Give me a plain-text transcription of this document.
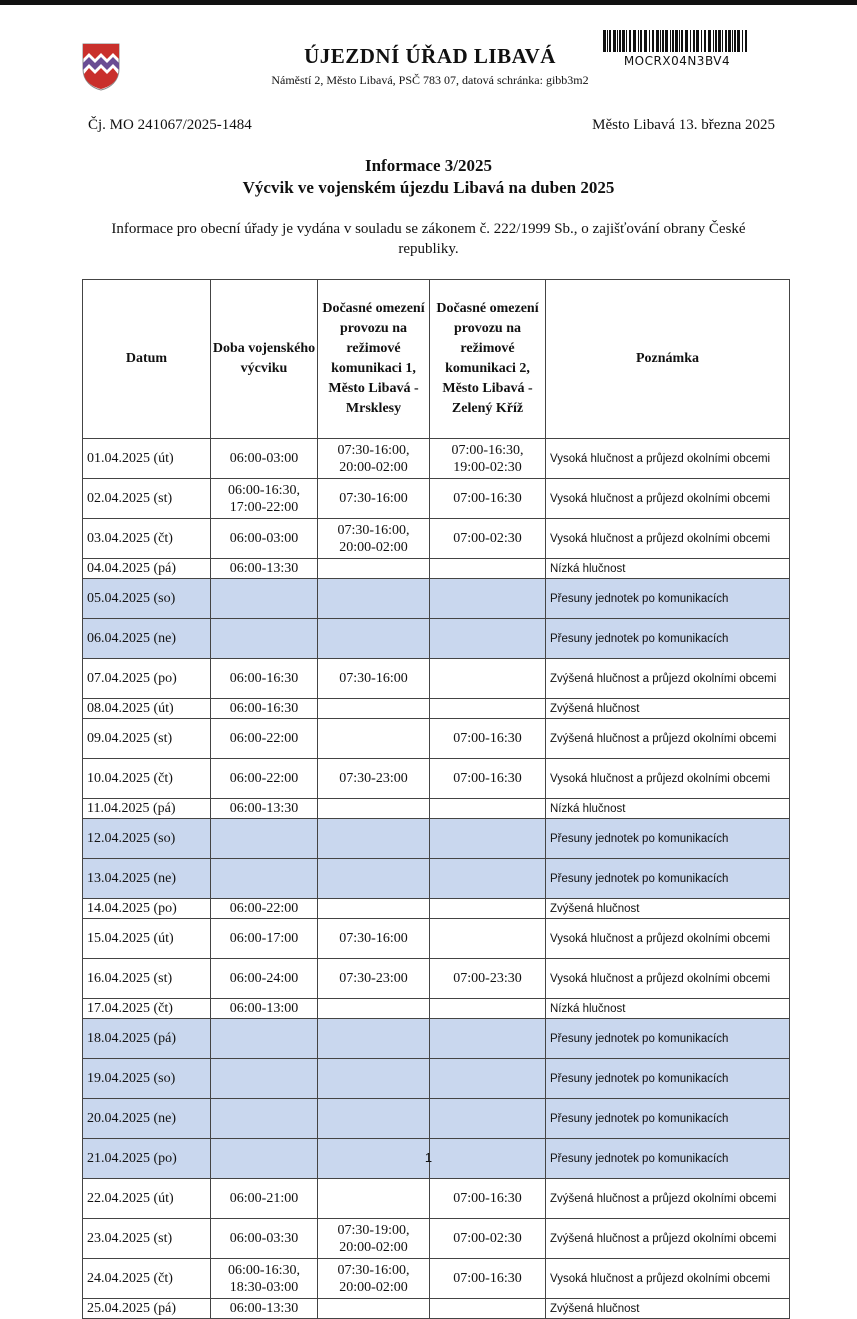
ÚJEZDNÍ ÚŘAD LIBAVÁ
Náměstí 2, Město Libavá, PSČ 783 07, datová schránka: gibb3m2
MOCRX04N3BV4
Čj. MO 241067/2025-1484	Město Libavá 13. března 2025
Informace 3/2025
Výcvik ve vojenském újezdu Libavá na duben 2025
Informace pro obecní úřady je vydána v souladu se zákonem č. 222/1999 Sb., o zajišťování obrany České republiky.
Datum	Doba vojenského výcviku	Dočasné omezení provozu na režimové komunikaci 1, Město Libavá - Mrsklesy	Dočasné omezení provozu na režimové komunikaci 2, Město Libavá - Zelený Kříž	Poznámka
01.04.2025 (út)	06:00-03:00	07:30-16:00,
20:00-02:00	07:00-16:30,
19:00-02:30	Vysoká hlučnost a průjezd okolními obcemi
02.04.2025 (st)	06:00-16:30,
17:00-22:00	07:30-16:00	07:00-16:30	Vysoká hlučnost a průjezd okolními obcemi
03.04.2025 (čt)	06:00-03:00	07:30-16:00,
20:00-02:00	07:00-02:30	Vysoká hlučnost a průjezd okolními obcemi
04.04.2025 (pá)	06:00-13:30			Nízká hlučnost
05.04.2025 (so)				Přesuny jednotek po komunikacích
06.04.2025 (ne)				Přesuny jednotek po komunikacích
07.04.2025 (po)	06:00-16:30	07:30-16:00		Zvýšená hlučnost a průjezd okolními obcemi
08.04.2025 (út)	06:00-16:30			Zvýšená hlučnost
09.04.2025 (st)	06:00-22:00		07:00-16:30	Zvýšená hlučnost a průjezd okolními obcemi
10.04.2025 (čt)	06:00-22:00	07:30-23:00	07:00-16:30	Vysoká hlučnost a průjezd okolními obcemi
11.04.2025 (pá)	06:00-13:30			Nízká hlučnost
12.04.2025 (so)				Přesuny jednotek po komunikacích
13.04.2025 (ne)				Přesuny jednotek po komunikacích
14.04.2025 (po)	06:00-22:00			Zvýšená hlučnost
15.04.2025 (út)	06:00-17:00	07:30-16:00		Vysoká hlučnost a průjezd okolními obcemi
16.04.2025 (st)	06:00-24:00	07:30-23:00	07:00-23:30	Vysoká hlučnost a průjezd okolními obcemi
17.04.2025 (čt)	06:00-13:00			Nízká hlučnost
18.04.2025 (pá)				Přesuny jednotek po komunikacích
19.04.2025 (so)				Přesuny jednotek po komunikacích
20.04.2025 (ne)				Přesuny jednotek po komunikacích
21.04.2025 (po)				Přesuny jednotek po komunikacích
22.04.2025 (út)	06:00-21:00		07:00-16:30	Zvýšená hlučnost a průjezd okolními obcemi
23.04.2025 (st)	06:00-03:30	07:30-19:00,
20:00-02:00	07:00-02:30	Zvýšená hlučnost a průjezd okolními obcemi
24.04.2025 (čt)	06:00-16:30,
18:30-03:00	07:30-16:00,
20:00-02:00	07:00-16:30	Vysoká hlučnost a průjezd okolními obcemi
25.04.2025 (pá)	06:00-13:30			Zvýšená hlučnost
1
